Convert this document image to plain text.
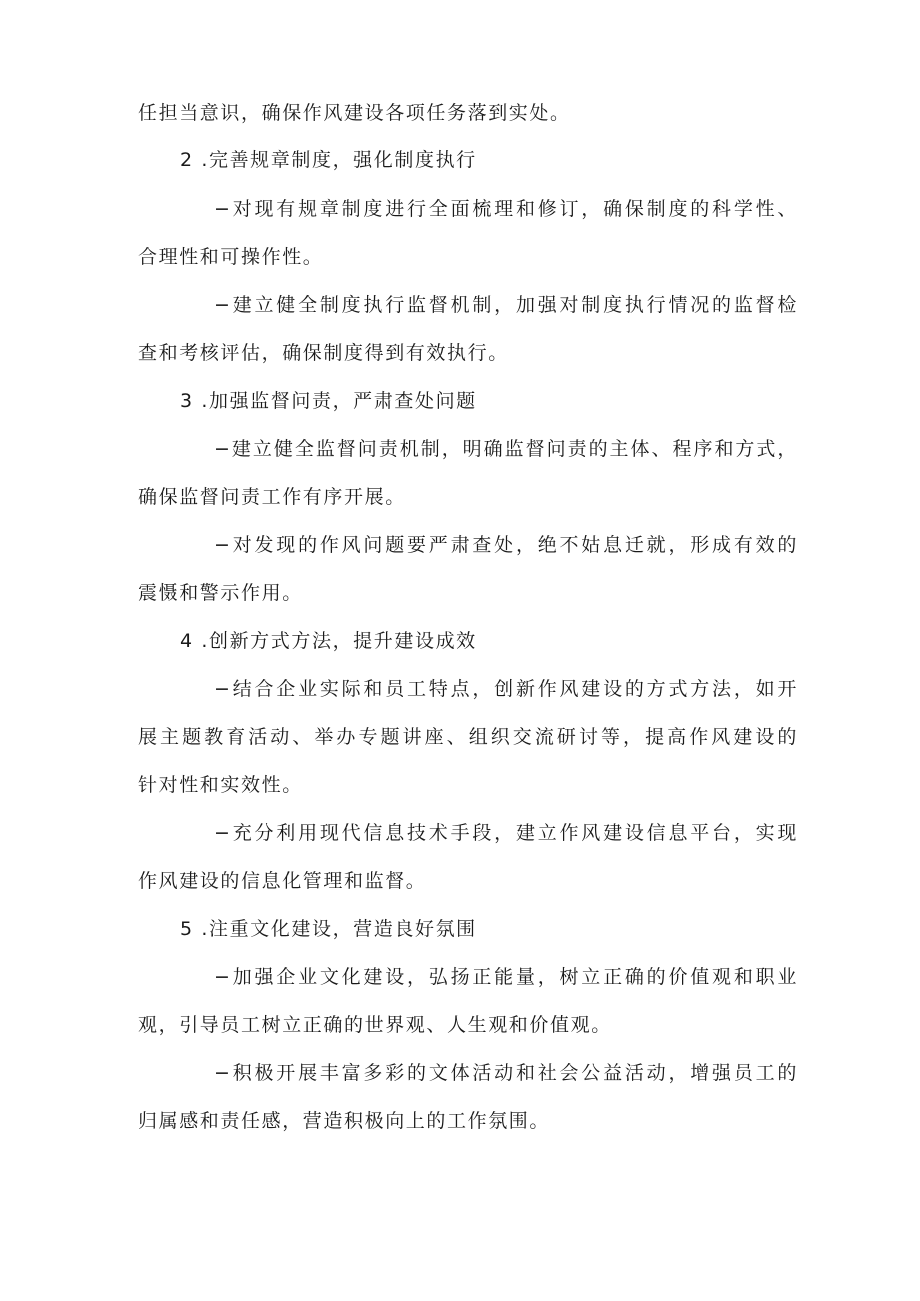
任担当意识，确保作风建设各项任务落到实处。
2 .完善规章制度，强化制度执行
−对现有规章制度进行全面梳理和修订，确保制度的科学性、
合理性和可操作性。
−建立健全制度执行监督机制，加强对制度执行情况的监督检
查和考核评估，确保制度得到有效执行。
3 .加强监督问责，严肃查处问题
−建立健全监督问责机制，明确监督问责的主体、程序和方式，
确保监督问责工作有序开展。
−对发现的作风问题要严肃查处，绝不姑息迁就，形成有效的
震慑和警示作用。
4 .创新方式方法，提升建设成效
−结合企业实际和员工特点，创新作风建设的方式方法，如开
展主题教育活动、举办专题讲座、组织交流研讨等，提高作风建设的
针对性和实效性。
−充分利用现代信息技术手段，建立作风建设信息平台，实现
作风建设的信息化管理和监督。
5 .注重文化建设，营造良好氛围
−加强企业文化建设，弘扬正能量，树立正确的价值观和职业
观，引导员工树立正确的世界观、人生观和价值观。
−积极开展丰富多彩的文体活动和社会公益活动，增强员工的
归属感和责任感，营造积极向上的工作氛围。
